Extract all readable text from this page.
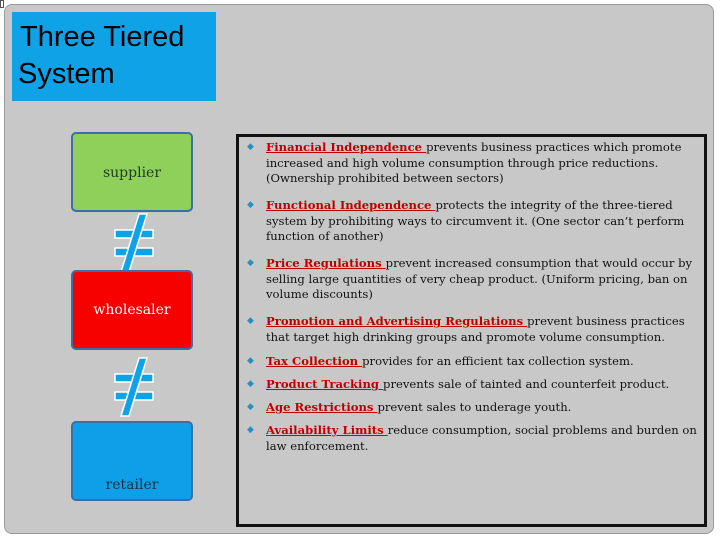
Three Tiered
System
supplier
wholesaler
retailer
◆ Financial Independence prevents business practices which promote increased and high volume consumption through price reductions. (Ownership prohibited between sectors)
◆ Functional Independence protects the integrity of the three-tiered system by prohibiting ways to circumvent it. (One sector can’t perform function of another)
◆ Price Regulations prevent increased consumption that would occur by selling large quantities of very cheap product. (Uniform pricing, ban on volume discounts)
◆ Promotion and Advertising Regulations prevent business practices that target high drinking groups and promote volume consumption.
◆ Tax Collection provides for an efficient tax collection system.
◆ Product Tracking prevents sale of tainted and counterfeit product.
◆ Age Restrictions prevent sales to underage youth.
◆ Availability Limits reduce consumption, social problems and burden on law enforcement.
